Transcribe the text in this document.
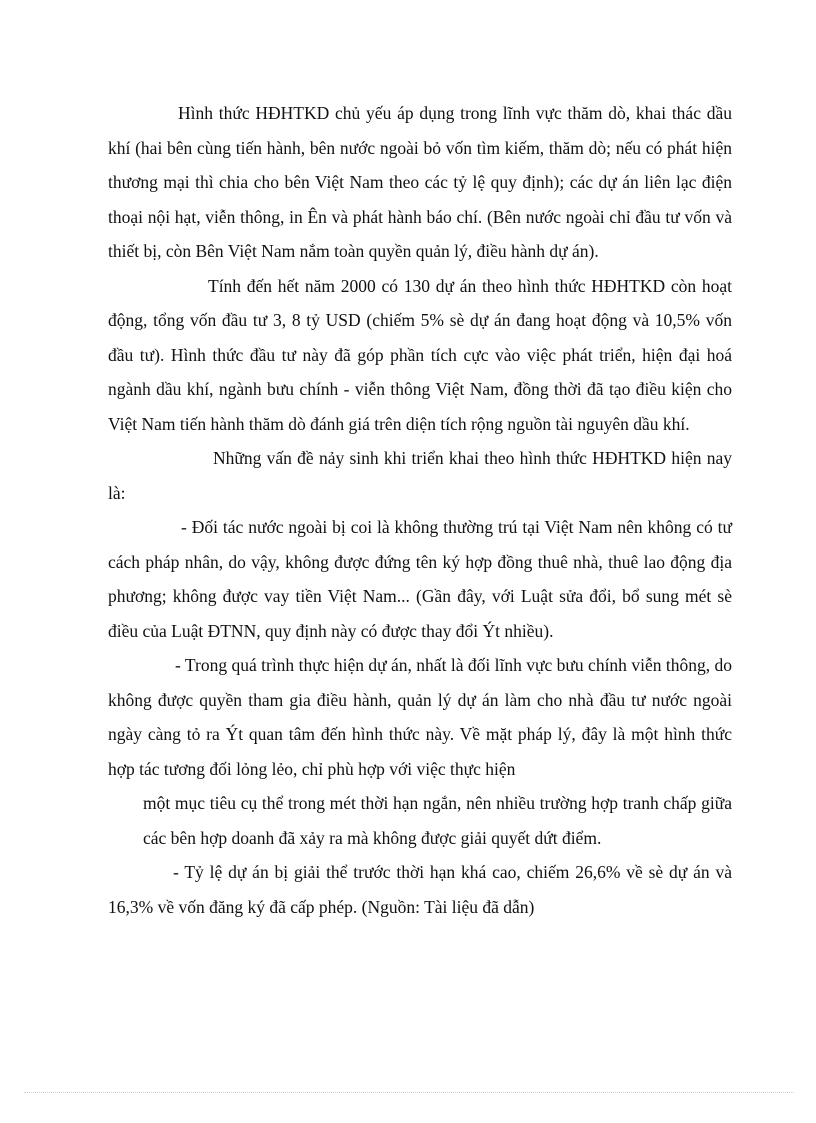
Hình thức HĐHTKD chủ yếu áp dụng trong lĩnh vực thăm dò, khai thác dầu khí (hai bên cùng tiến hành, bên nước ngoài bỏ vốn tìm kiếm, thăm dò; nếu có phát hiện thương mại thì chia cho bên Việt Nam theo các tỷ lệ quy định); các dự án liên lạc điện thoại nội hạt, viễn thông, in Ên và phát hành báo chí. (Bên nước ngoài chỉ đầu tư vốn và thiết bị, còn Bên Việt Nam nắm toàn quyền quản lý, điều hành dự án).

Tính đến hết năm 2000 có 130 dự án theo hình thức HĐHTKD còn hoạt động, tổng vốn đầu tư 3, 8 tỷ USD (chiếm 5% sè dự án đang hoạt động và 10,5% vốn đầu tư). Hình thức đầu tư này đã góp phần tích cực vào việc phát triển, hiện đại hoá ngành dầu khí, ngành bưu chính - viễn thông Việt Nam, đồng thời đã tạo điều kiện cho Việt Nam tiến hành thăm dò đánh giá trên diện tích rộng nguồn tài nguyên dầu khí.

Những vấn đề nảy sinh khi triển khai theo hình thức HĐHTKD hiện nay là:

- Đối tác nước ngoài bị coi là không thường trú tại Việt Nam nên không có tư cách pháp nhân, do vậy, không được đứng tên ký hợp đồng thuê nhà, thuê lao động địa phương; không được vay tiền Việt Nam... (Gần đây, với Luật sửa đổi, bổ sung mét sè điều của Luật ĐTNN, quy định này có được thay đổi Ýt nhiều).

- Trong quá trình thực hiện dự án, nhất là đối lĩnh vực bưu chính viễn thông, do không được quyền tham gia điều hành, quản lý dự án làm cho nhà đầu tư nước ngoài ngày càng tỏ ra Ýt quan tâm đến hình thức này. Về mặt pháp lý, đây là một hình thức hợp tác tương đối lỏng lẻo, chỉ phù hợp với việc thực hiện

một mục tiêu cụ thể trong mét thời hạn ngắn, nên nhiều trường hợp tranh chấp giữa các bên hợp doanh đã xảy ra mà không được giải quyết dứt điểm.

- Tỷ lệ dự án bị giải thể trước thời hạn khá cao, chiếm 26,6% về sè dự án và 16,3% về vốn đăng ký đã cấp phép. (Nguồn: Tài liệu đã dẫn)
